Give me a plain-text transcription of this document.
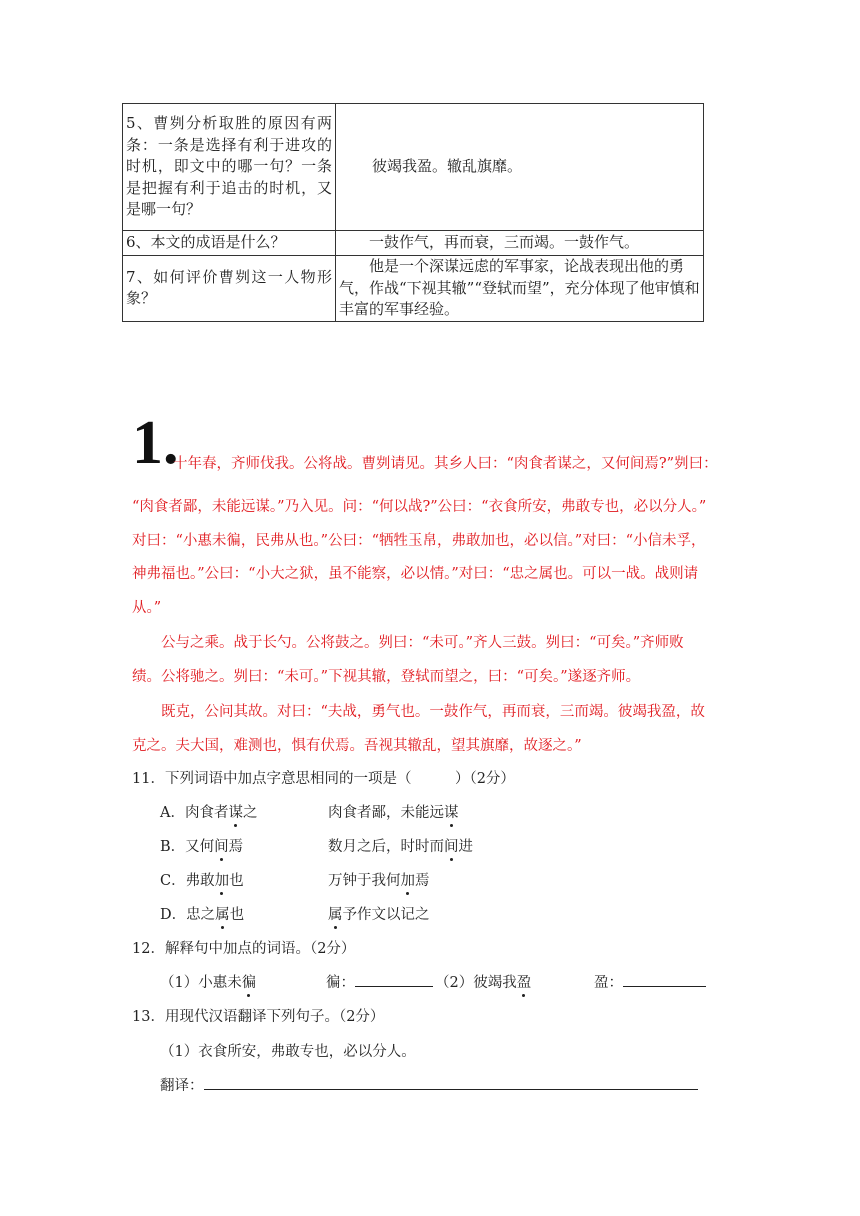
5、曹刿分析取胜的原因有两条：一条是选择有利于进攻的时机，即文中的哪一句？一条是把握有利于追击的时机，又是哪一句？	彼竭我盈。辙乱旗靡。
6、本文的成语是什么？	一鼓作气，再而衰，三而竭。一鼓作气。
7、如何评价曹刿这一人物形象？	他是一个深谋远虑的军事家，论战表现出他的勇气，作战“下视其辙”“登轼而望”，充分体现了他审慎和丰富的军事经验。
1.
十年春，齐师伐我。公将战。曹刿请见。其乡人曰：“肉食者谋之，又何间焉?”刿曰：
“肉食者鄙，未能远谋。”乃入见。问：“何以战?”公曰：“衣食所安，弗敢专也，必以分人。”
对曰：“小惠未徧，民弗从也。”公曰：“牺牲玉帛，弗敢加也，必以信。”对曰：“小信未孚，
神弗福也。”公曰：“小大之狱，虽不能察，必以情。”对曰：“忠之属也。可以一战。战则请
从。”
公与之乘。战于长勺。公将鼓之。刿曰：“未可。”齐人三鼓。刿曰：“可矣。”齐师败
绩。公将驰之。刿曰：“未可。”下视其辙，登轼而望之，曰：“可矣。”遂逐齐师。
既克，公问其故。对曰：“夫战，勇气也。一鼓作气，再而衰，三而竭。彼竭我盈，故
克之。夫大国，难测也，惧有伏焉。吾视其辙乱，望其旗靡，故逐之。”
11．下列词语中加点字意思相同的一项是（　　　）（2分）
A．肉食者谋之	肉食者鄙，未能远谋
B．又何间焉	数月之后，时时而间进
C．弗敢加也	万钟于我何加焉
D．忠之属也	属予作文以记之
12．解释句中加点的词语。（2分）
（1）小惠未徧	徧：	（2）彼竭我盈	盈：
13．用现代汉语翻译下列句子。（2分）
（1）衣食所安，弗敢专也，必以分人。
翻译：
